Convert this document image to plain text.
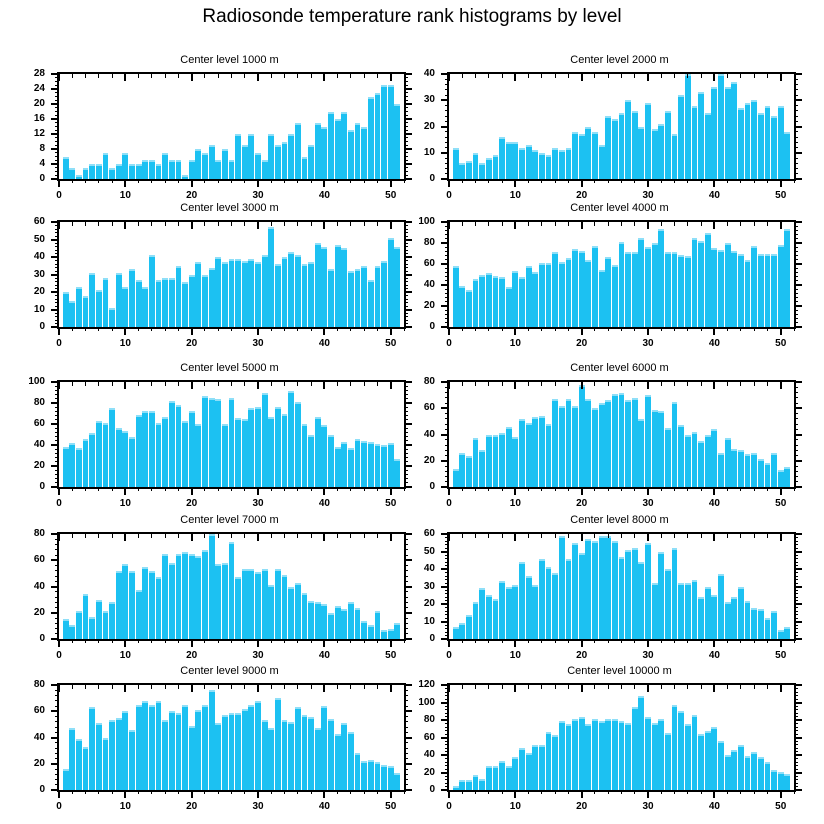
Radiosonde temperature rank histograms by level
Center level 1000 m
0	10	20	30	40	50
0
4
8
12
16
20
24
28
Center level 2000 m
0	10	20	30	40	50
0
10
20
30
40
Center level 3000 m
0	10	20	30	40	50
0
10
20
30
40
50
60
Center level 4000 m
0	10	20	30	40	50
0
20
40
60
80
100
Center level 5000 m
0	10	20	30	40	50
0
20
40
60
80
100
Center level 6000 m
0	10	20	30	40	50
0
20
40
60
80
Center level 7000 m
0	10	20	30	40	50
0
20
40
60
80
Center level 8000 m
0	10	20	30	40	50
0
10
20
30
40
50
60
Center level 9000 m
0	10	20	30	40	50
0
20
40
60
80
Center level 10000 m
0	10	20	30	40	50
0
20
40
60
80
100
120
